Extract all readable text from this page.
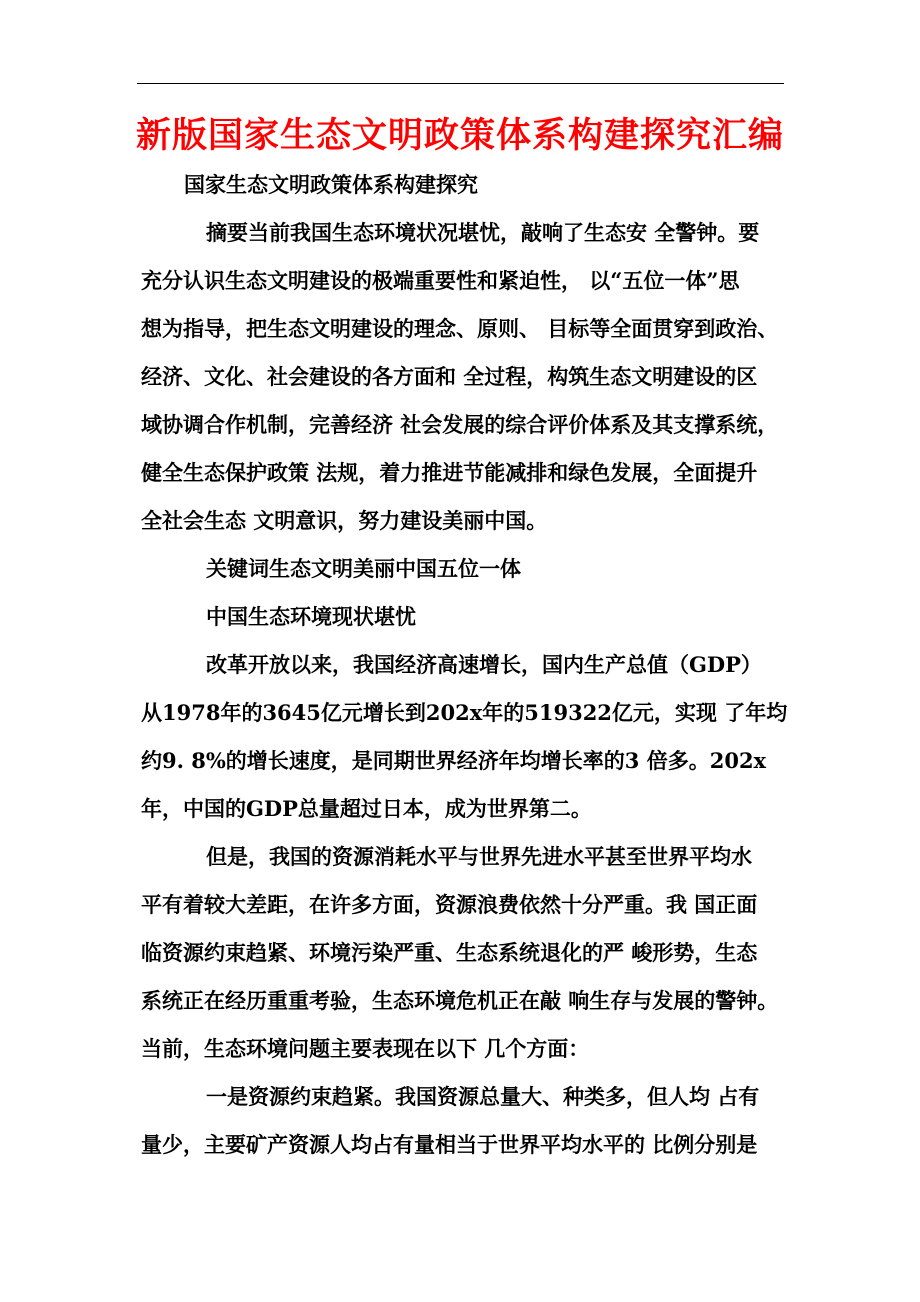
新版国家生态文明政策体系构建探究汇编
国家生态文明政策体系构建探究
摘要当前我国生态环境状况堪忧，敲响了生态安 全警钟。要
充分认识生态文明建设的极端重要性和紧迫性， 以“五位一体”思
想为指导，把生态文明建设的理念、原则、 目标等全面贯穿到政治、
经济、文化、社会建设的各方面和 全过程，构筑生态文明建设的区
域协调合作机制，完善经济 社会发展的综合评价体系及其支撑系统，
健全生态保护政策 法规，着力推进节能减排和绿色发展，全面提升
全社会生态 文明意识，努力建设美丽中国。
关键词生态文明美丽中国五位一体
中国生态环境现状堪忧
改革开放以来，我国经济高速增长，国内生产总值（GDP）
从1978年的3645亿元增长到202x年的519322亿元，实现 了年均
约9. 8%的增长速度，是同期世界经济年均增长率的3 倍多。202x
年，中国的GDP总量超过日本，成为世界第二。
但是，我国的资源消耗水平与世界先进水平甚至世界平均水
平有着较大差距，在许多方面，资源浪费依然十分严重。我 国正面
临资源约束趋紧、环境污染严重、生态系统退化的严 峻形势，生态
系统正在经历重重考验，生态环境危机正在敲 响生存与发展的警钟。
当前，生态环境问题主要表现在以下 几个方面：
一是资源约束趋紧。我国资源总量大、种类多，但人均 占有
量少，主要矿产资源人均占有量相当于世界平均水平的 比例分别是
